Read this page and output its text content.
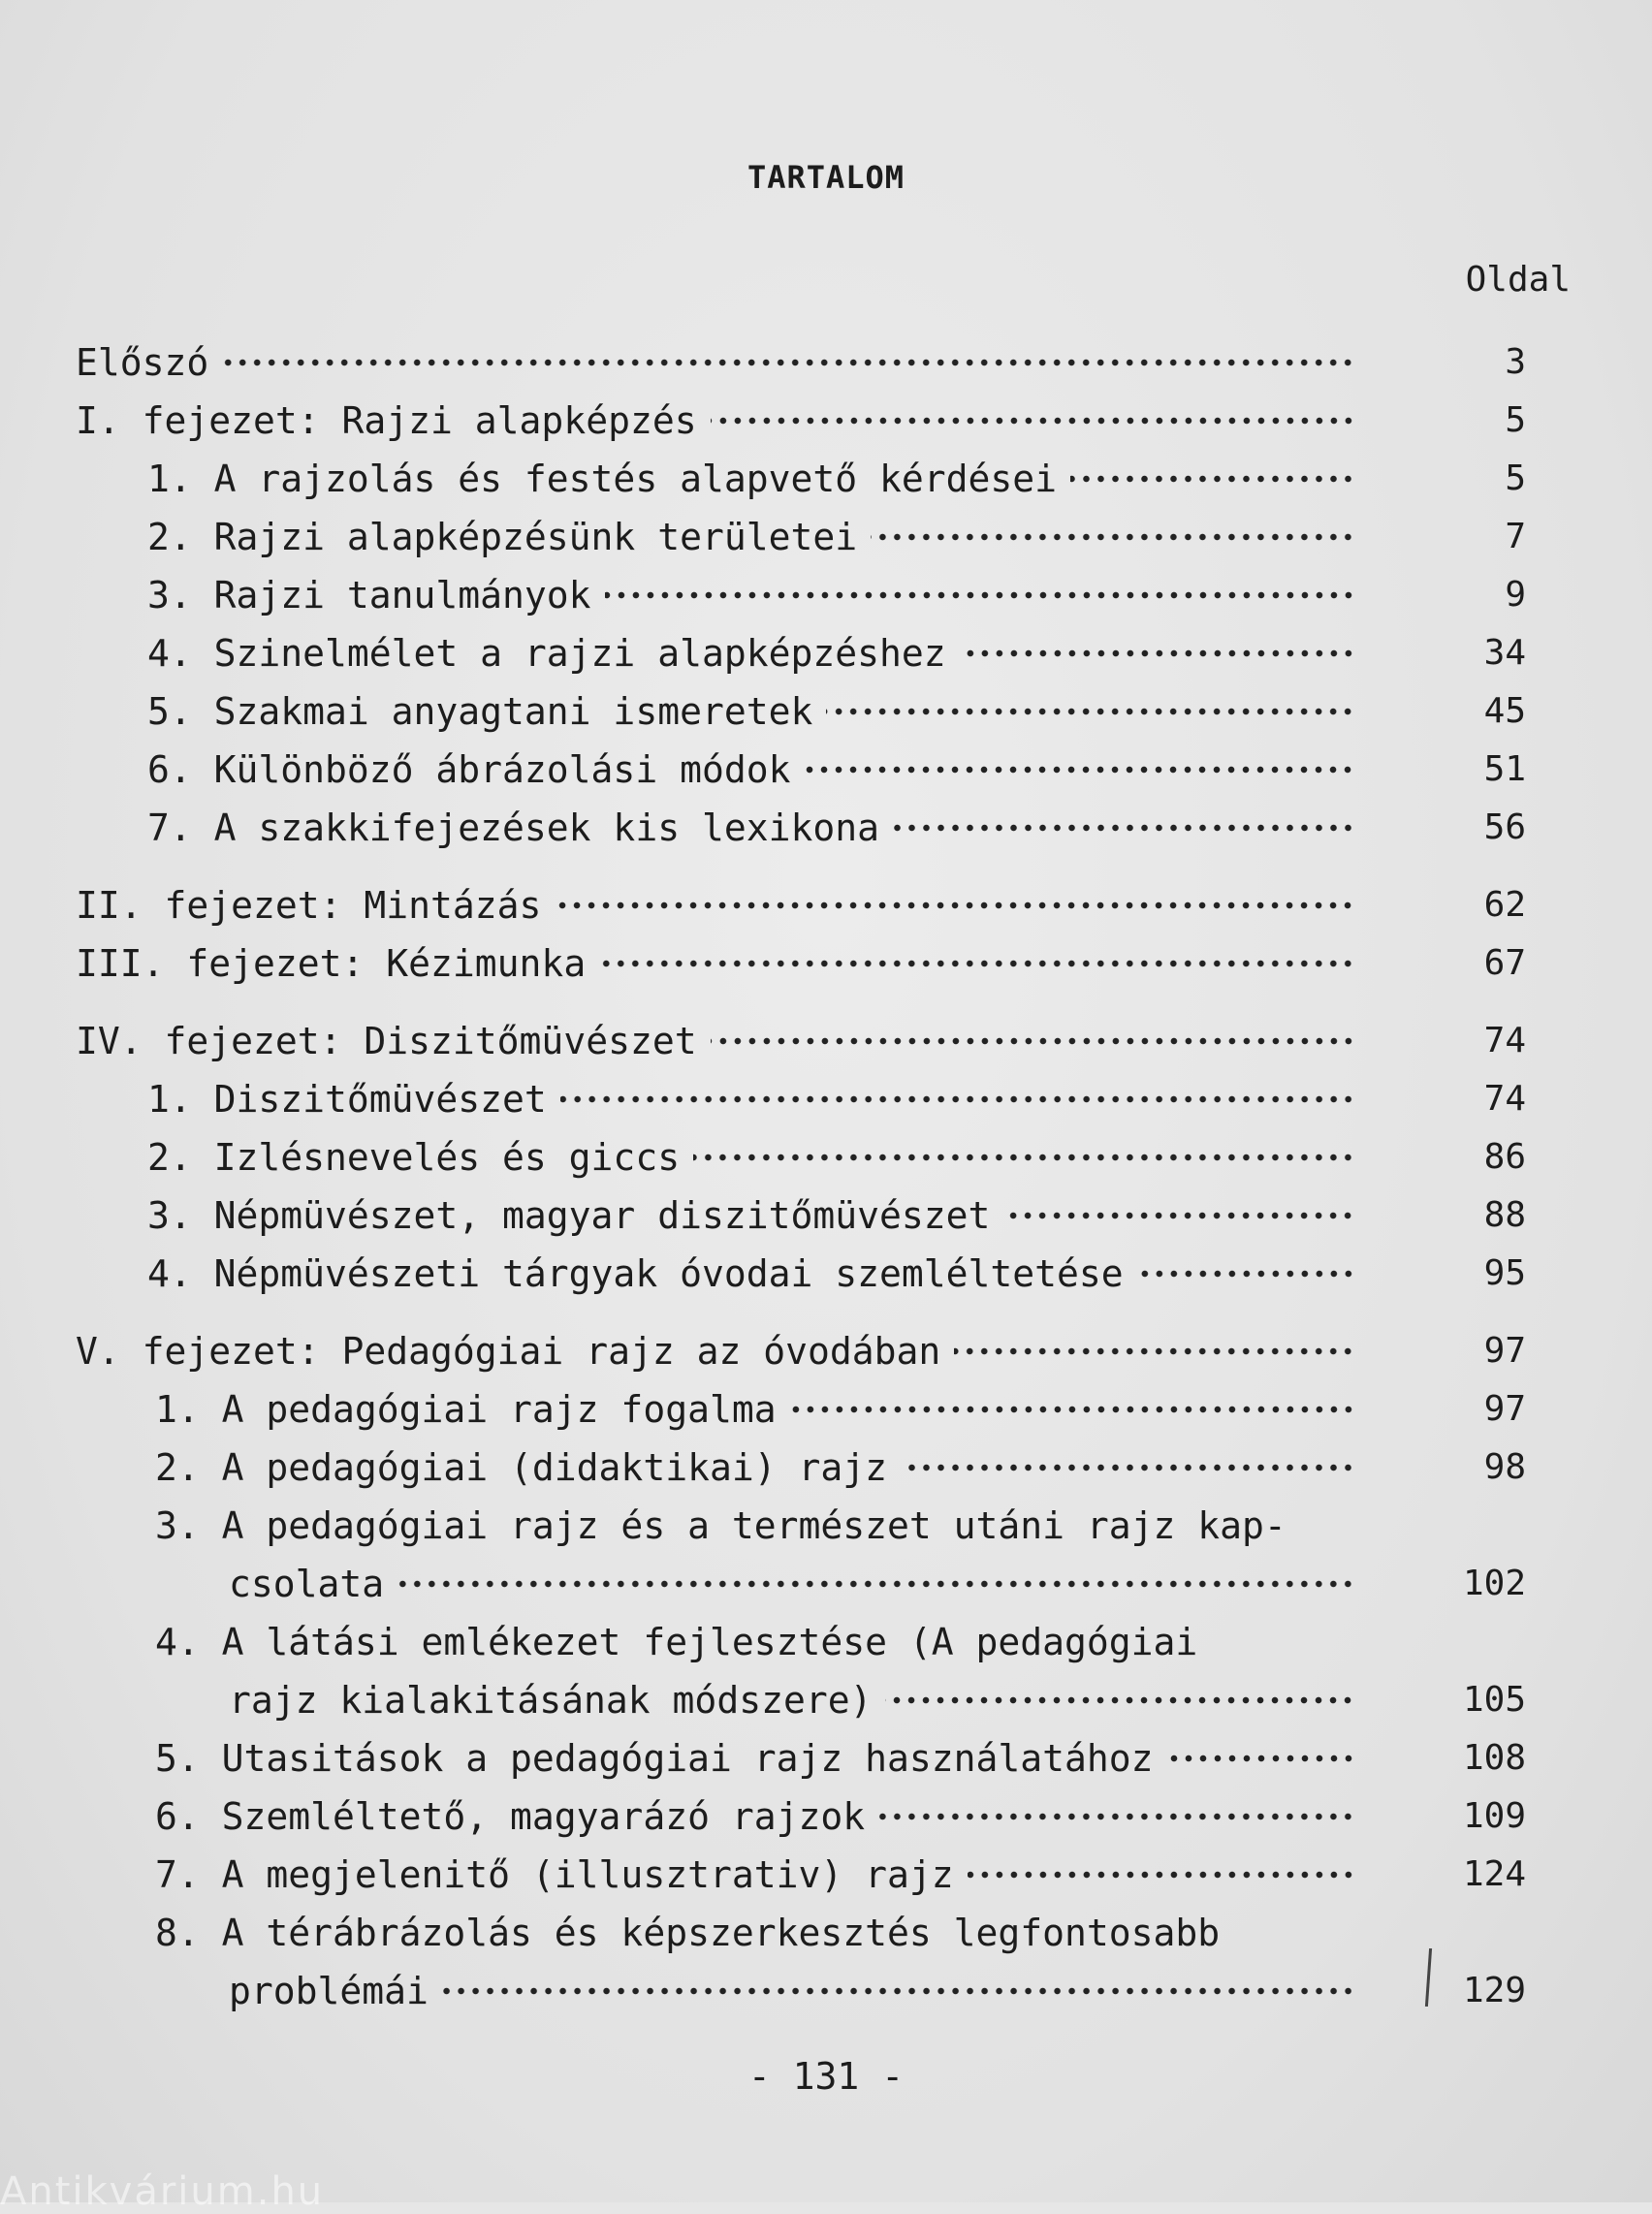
TARTALOM
Oldal
Előszó	3
I. fejezet: Rajzi alapképzés	5
1. A rajzolás és festés alapvető kérdései	5
2. Rajzi alapképzésünk területei	7
3. Rajzi tanulmányok	9
4. Szinelmélet a rajzi alapképzéshez	34
5. Szakmai anyagtani ismeretek	45
6. Különböző ábrázolási módok	51
7. A szakkifejezések kis lexikona	56
II. fejezet: Mintázás	62
III. fejezet: Kézimunka	67
IV. fejezet: Diszitőmüvészet	74
1. Diszitőmüvészet	74
2. Izlésnevelés és giccs	86
3. Népmüvészet, magyar diszitőmüvészet	88
4. Népmüvészeti tárgyak óvodai szemléltetése	95
V. fejezet: Pedagógiai rajz az óvodában	97
1. A pedagógiai rajz fogalma	97
2. A pedagógiai (didaktikai) rajz	98
3. A pedagógiai rajz és a természet utáni rajz kap-
csolata	102
4. A látási emlékezet fejlesztése (A pedagógiai
rajz kialakitásának módszere)	105
5. Utasitások a pedagógiai rajz használatához	108
6. Szemléltető, magyarázó rajzok	109
7. A megjelenitő (illusztrativ) rajz	124
8. A térábrázolás és képszerkesztés legfontosabb
problémái	129
- 131 -
Antikvárium.hu
